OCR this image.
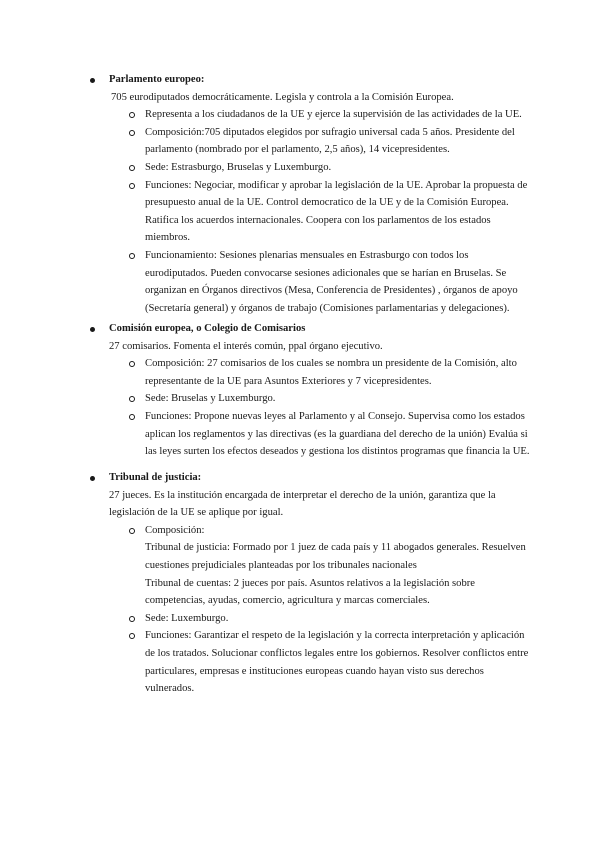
Parlamento europeo:
705 eurodiputados democráticamente. Legisla y controla a la Comisión Europea.
Representa a los ciudadanos de la UE y ejerce la supervisión de las actividades de la UE.
Composición:705 diputados elegidos por sufragio universal cada 5 años. Presidente del parlamento (nombrado por el parlamento, 2,5 años), 14 vicepresidentes.
Sede: Estrasburgo, Bruselas y Luxemburgo.
Funciones: Negociar, modificar y aprobar la legislación de la UE. Aprobar la propuesta de presupuesto anual de la UE. Control democratico de la UE y de la Comisión Europea. Ratifica los acuerdos internacionales. Coopera con los parlamentos de los estados miembros.
Funcionamiento: Sesiones plenarias mensuales en Estrasburgo con todos los eurodiputados. Pueden convocarse sesiones adicionales que se harían en Bruselas. Se organizan en Órganos directivos (Mesa, Conferencia de Presidentes) , órganos de apoyo (Secretaría general) y órganos de trabajo (Comisiones parlamentarias y delegaciones).
Comisión europea, o Colegio de Comisarios
27 comisarios. Fomenta el interés común, ppal órgano ejecutivo.
Composición: 27 comisarios de los cuales se nombra un presidente de la Comisión, alto representante de la UE para Asuntos Exteriores y 7 vicepresidentes.
Sede: Bruselas y Luxemburgo.
Funciones: Propone nuevas leyes al Parlamento y al Consejo. Supervisa como los estados aplican los reglamentos y las directivas (es la guardiana del derecho de la unión) Evalúa si las leyes surten los efectos deseados y gestiona los distintos programas que financia la UE.
Tribunal de justicia:
27 jueces. Es la institución encargada de interpretar el derecho de la unión, garantiza que la legislación de la UE se aplique por igual.
Composición:
Tribunal de justicia: Formado por 1 juez de cada país y 11 abogados generales. Resuelven cuestiones prejudiciales planteadas por los tribunales nacionales
Tribunal de cuentas: 2 jueces por país. Asuntos relativos a la legislación sobre competencias, ayudas, comercio, agricultura y marcas comerciales.
Sede: Luxemburgo.
Funciones: Garantizar el respeto de la legislación y la correcta interpretación y aplicación de los tratados. Solucionar conflictos legales entre los gobiernos. Resolver conflictos entre particulares, empresas e instituciones europeas cuando hayan visto sus derechos vulnerados.
